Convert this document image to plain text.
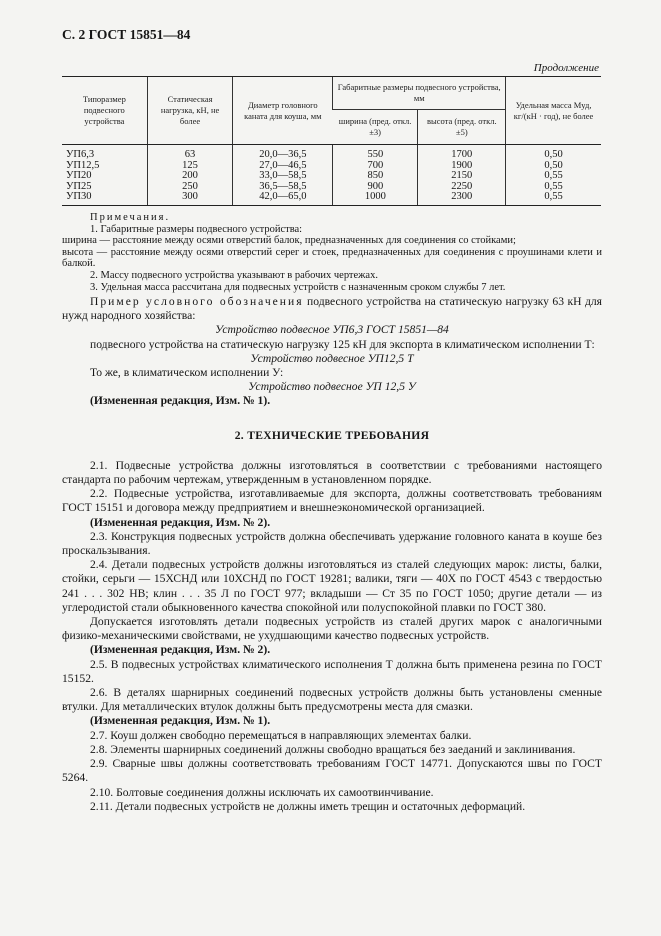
С. 2 ГОСТ 15851—84
Продолжение
Типоразмер подвесного устройства	Статическая нагрузка, кН, не более	Диаметр головного каната для коуша, мм	Габаритные размеры подвесного устройства, мм		Удельная масса Mуд, кг/(кН · год), не более
			ширина (пред. откл. ±3)	высота (пред. откл. ±5)	
УП6,3	63	20,0—36,5	550	1700	0,50
УП12,5	125	27,0—46,5	700	1900	0,50
УП20	200	33,0—58,5	850	2150	0,55
УП25	250	36,5—58,5	900	2250	0,55
УП30	300	42,0—65,0	1000	2300	0,55

Примечания.

1. Габаритные размеры подвесного устройства:

ширина — расстояние между осями отверстий балок, предназначенных для соединения со стойками;

высота — расстояние между осями отверстий серег и стоек, предназначенных для соединения с проушинами клети и балкой.

2. Массу подвесного устройства указывают в рабочих чертежах.

3. Удельная масса рассчитана для подвесных устройств с назначенным сроком службы 7 лет.

Пример условного обозначения подвесного устройства на статическую нагрузку 63 кН для нужд народного хозяйства:

Устройство подвесное УП6,3 ГОСТ 15851—84

подвесного устройства на статическую нагрузку 125 кН для экспорта в климатическом исполнении Т:

Устройство подвесное УП12,5 Т

То же, в климатическом исполнении У:

Устройство подвесное УП 12,5 У

(Измененная редакция, Изм. № 1).

2. ТЕХНИЧЕСКИЕ ТРЕБОВАНИЯ

2.1. Подвесные устройства должны изготовляться в соответствии с требованиями настоящего стандарта по рабочим чертежам, утвержденным в установленном порядке.

2.2. Подвесные устройства, изготавливаемые для экспорта, должны соответствовать требованиям ГОСТ 15151 и договора между предприятием и внешнеэкономической организацией.

(Измененная редакция, Изм. № 2).

2.3. Конструкция подвесных устройств должна обеспечивать удержание головного каната в коуше без проскальзывания.

2.4. Детали подвесных устройств должны изготовляться из сталей следующих марок: листы, балки, стойки, серьги — 15ХСНД или 10ХСНД по ГОСТ 19281; валики, тяги — 40Х по ГОСТ 4543 с твердостью 241 . . . 302 НВ; клин . . . 35 Л по ГОСТ 977; вкладыши — Ст 35 по ГОСТ 1050; другие детали — из углеродистой стали обыкновенного качества спокойной или полуспокойной плавки по ГОСТ 380.

Допускается изготовлять детали подвесных устройств из сталей других марок с аналогичными физико-механическими свойствами, не ухудшающими качество подвесных устройств.

(Измененная редакция, Изм. № 2).

2.5. В подвесных устройствах климатического исполнения Т должна быть применена резина по ГОСТ 15152.

2.6. В деталях шарнирных соединений подвесных устройств должны быть установлены сменные втулки. Для металлических втулок должны быть предусмотрены места для смазки.

(Измененная редакция, Изм. № 1).

2.7. Коуш должен свободно перемещаться в направляющих элементах балки.

2.8. Элементы шарнирных соединений должны свободно вращаться без заеданий и заклинивания.

2.9. Сварные швы должны соответствовать требованиям ГОСТ 14771. Допускаются швы по ГОСТ 5264.

2.10. Болтовые соединения должны исключать их самоотвинчивание.

2.11. Детали подвесных устройств не должны иметь трещин и остаточных деформаций.
